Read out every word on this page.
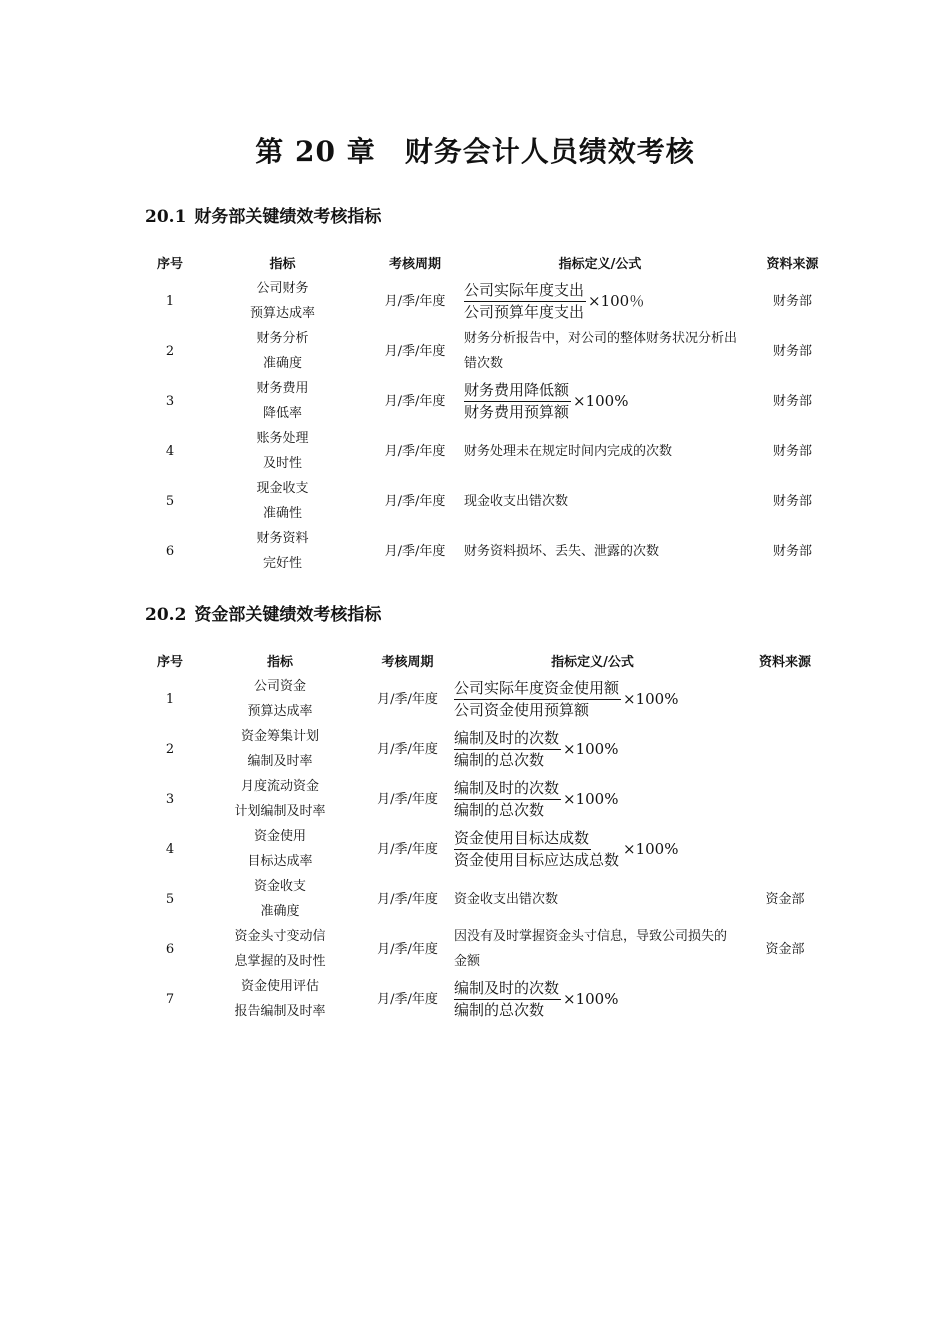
第 20 章　财务会计人员绩效考核
20.1 财务部关键绩效考核指标
序号	指标	考核周期	指标定义/公式	资料来源
1	公司财务
预算达成率	月/季/年度	$\frac{\text{公司实际年度支出}}{\text{公司预算年度支出}} \times 100$％	财务部
2	财务分析
准确度	月/季/年度	财务分析报告中，对公司的整体财务状况分析出错次数	财务部
3	财务费用
降低率	月/季/年度	$\frac{\text{财务费用降低额}}{\text{财务费用预算额}} \times 100\%$	财务部
4	账务处理
及时性	月/季/年度	财务处理未在规定时间内完成的次数	财务部
5	现金收支
准确性	月/季/年度	现金收支出错次数	财务部
6	财务资料
完好性	月/季/年度	财务资料损坏、丢失、泄露的次数	财务部
20.2 资金部关键绩效考核指标
序号	指标	考核周期	指标定义/公式	资料来源
1	公司资金
预算达成率	月/季/年度	$\frac{\text{公司实际年度资金使用额}}{\text{公司资金使用预算额}} \times 100\%$	

2	资金筹集计划
编制及时率	月/季/年度	$\frac{\text{编制及时的次数}}{\text{编制的总次数}} \times 100\%$	

3	月度流动资金
计划编制及时率	月/季/年度	$\frac{\text{编制及时的次数}}{\text{编制的总次数}} \times 100\%$	

4	资金使用
目标达成率	月/季/年度	$\frac{\text{资金使用目标达成数}}{\text{资金使用目标应达成总数}} \times 100\%$	

5	资金收支
准确度	月/季/年度	资金收支出错次数	资金部
6	资金头寸变动信
息掌握的及时性	月/季/年度	因没有及时掌握资金头寸信息，导致公司损失的金额	资金部
7	资金使用评估
报告编制及时率	月/季/年度	$\frac{\text{编制及时的次数}}{\text{编制的总次数}} \times 100\%$	
